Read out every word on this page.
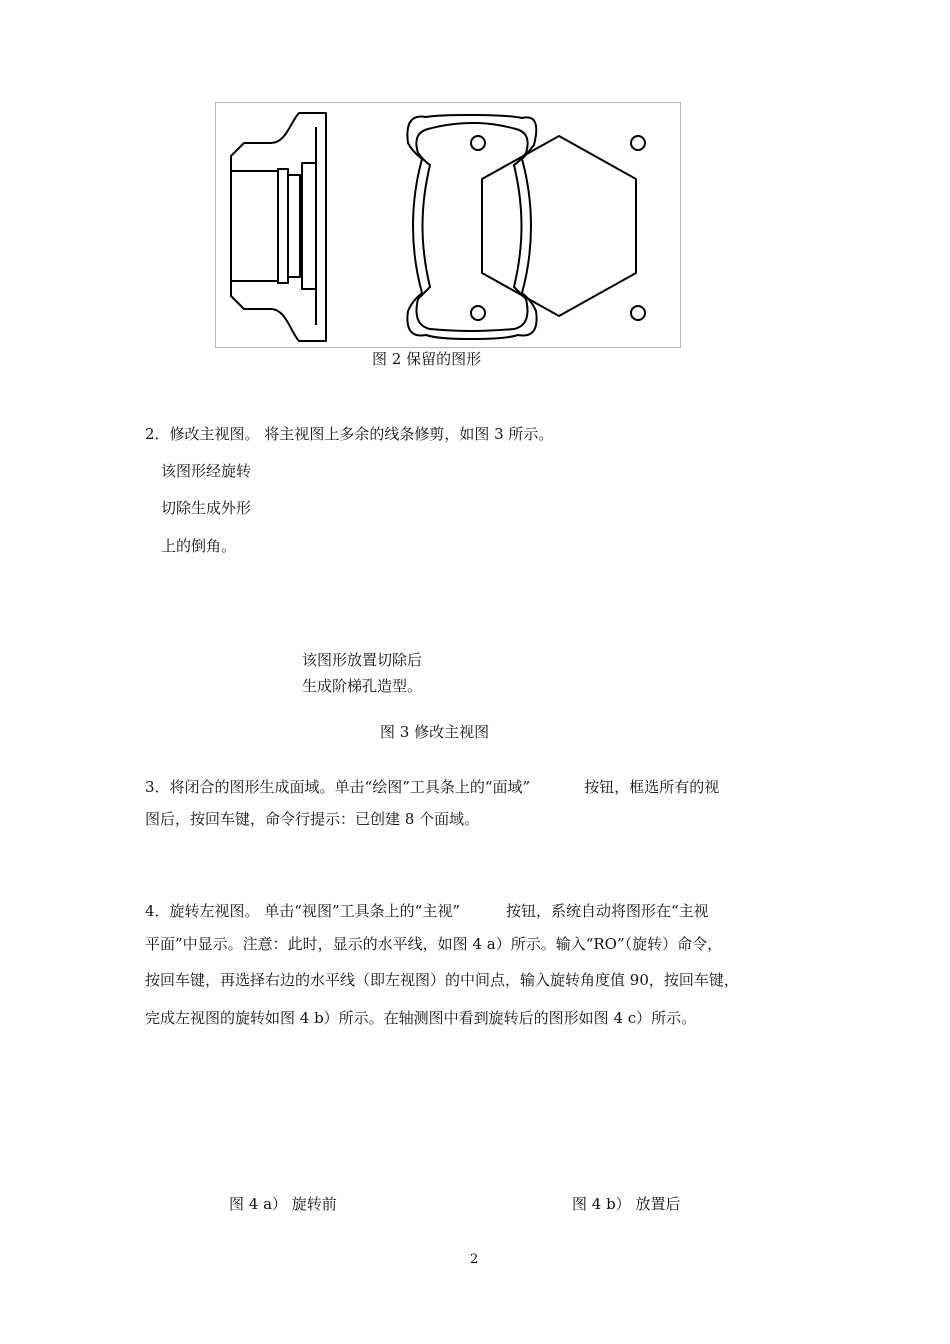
图 2 保留的图形
2．修改主视图。 将主视图上多余的线条修剪，如图 3 所示。
该图形经旋转
切除生成外形
上的倒角。
该图形放置切除后
生成阶梯孔造型。
图 3 修改主视图
3．将闭合的图形生成面域。单击“绘图”工具条上的“面域”	按钮，框选所有的视
图后，按回车键，命令行提示：已创建 8 个面域。
4．旋转左视图。 单击“视图”工具条上的“主视”	按钮，系统自动将图形在“主视
平面”中显示。注意：此时，显示的水平线，如图 4 a）所示。输入“RO”（旋转）命令，
按回车键，再选择右边的水平线（即左视图）的中间点，输入旋转角度值 90，按回车键，
完成左视图的旋转如图 4 b）所示。在轴测图中看到旋转后的图形如图 4 c）所示。
图 4 a） 旋转前	图 4 b） 放置后
2
